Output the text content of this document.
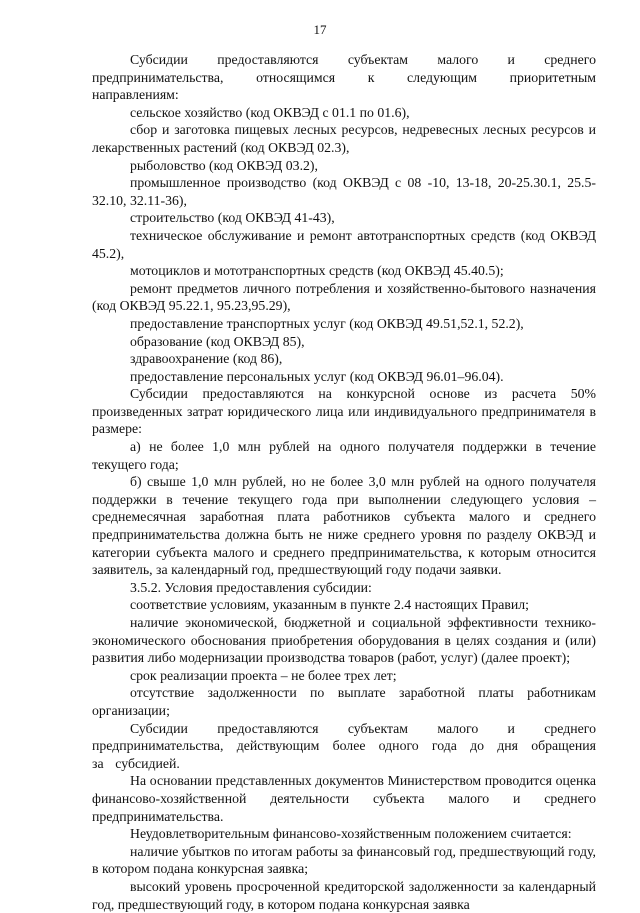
17

Субсидии предоставляются субъектам малого и среднего предпринимательства, относящимся к следующим приоритетным направлениям:

сельское хозяйство (код ОКВЭД с 01.1 по 01.6),

сбор и заготовка пищевых лесных ресурсов, недревесных лесных ресурсов и лекарственных растений (код ОКВЭД 02.3),

рыболовство (код ОКВЭД 03.2),

промышленное производство (код ОКВЭД с 08 -10, 13-18, 20-25.30.1, 25.5-32.10, 32.11-36),

строительство (код ОКВЭД 41-43),

техническое обслуживание и ремонт автотранспортных средств (код ОКВЭД 45.2),

мотоциклов и мототранспортных средств (код ОКВЭД 45.40.5);

ремонт предметов личного потребления и хозяйственно-бытового назначения (код ОКВЭД 95.22.1, 95.23,95.29),

предоставление транспортных услуг (код ОКВЭД 49.51,52.1, 52.2),

образование (код ОКВЭД 85),

здравоохранение (код 86),

предоставление персональных услуг (код ОКВЭД 96.01–96.04).

Субсидии предоставляются на конкурсной основе из расчета 50% произведенных затрат юридического лица или индивидуального предпринимателя в размере:

а) не более 1,0 млн рублей на одного получателя поддержки в течение текущего года;

б) свыше 1,0 млн рублей, но не более 3,0 млн рублей на одного получателя поддержки в течение текущего года при выполнении следующего условия – среднемесячная заработная плата работников субъекта малого и среднего предпринимательства должна быть не ниже среднего уровня по разделу ОКВЭД и категории субъекта малого и среднего предпринимательства, к которым относится заявитель, за календарный год, предшествующий году подачи заявки.

3.5.2. Условия предоставления субсидии:

соответствие условиям, указанным в пункте 2.4 настоящих Правил;

наличие экономической, бюджетной и социальной эффективности технико-экономического обоснования приобретения оборудования в целях создания и (или) развития либо модернизации производства товаров (работ, услуг) (далее проект);

срок реализации проекта – не более трех лет;

отсутствие задолженности по выплате заработной платы работникам организации;

Субсидии предоставляются субъектам малого и среднего предпринимательства, действующим более одного года до дня обращения за субсидией.

На основании представленных документов Министерством проводится оценка финансово-хозяйственной деятельности субъекта малого и среднего предпринимательства.

Неудовлетворительным финансово-хозяйственным положением считается:

наличие убытков по итогам работы за финансовый год, предшествующий году, в котором подана конкурсная заявка;

высокий уровень просроченной кредиторской задолженности за календарный год, предшествующий году, в котором подана конкурсная заявка
